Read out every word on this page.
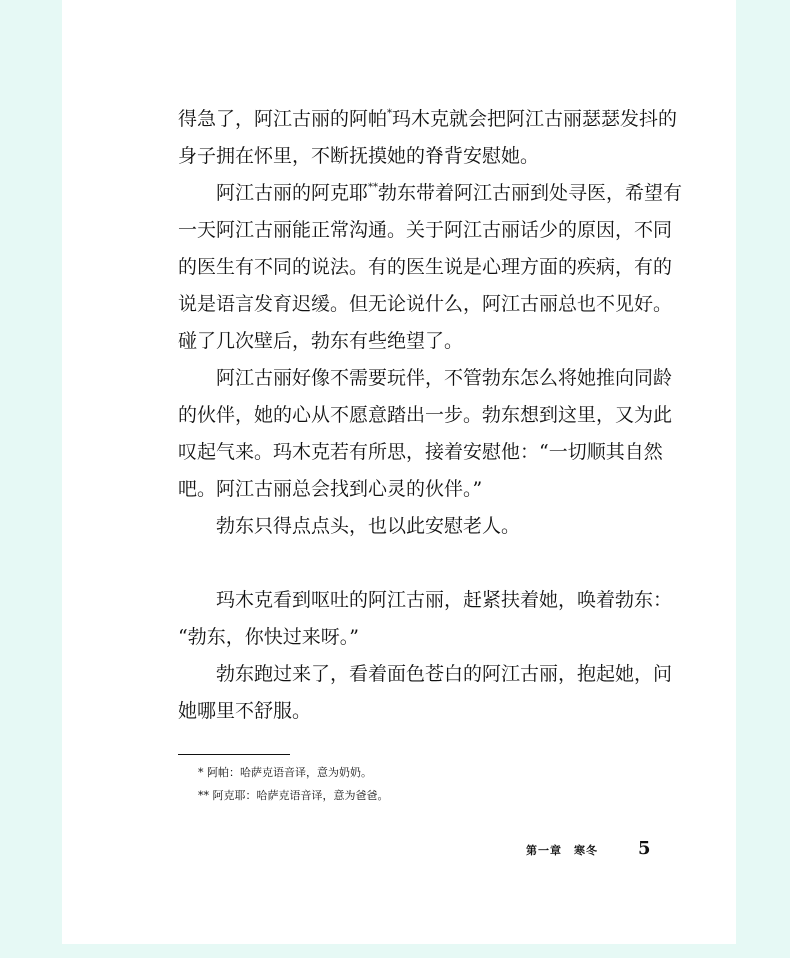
得急了，阿江古丽的阿帕*玛木克就会把阿江古丽瑟瑟发抖的
身子拥在怀里，不断抚摸她的脊背安慰她。
阿江古丽的阿克耶**勃东带着阿江古丽到处寻医，希望有
一天阿江古丽能正常沟通。关于阿江古丽话少的原因，不同
的医生有不同的说法。有的医生说是心理方面的疾病，有的
说是语言发育迟缓。但无论说什么，阿江古丽总也不见好。
碰了几次壁后，勃东有些绝望了。
阿江古丽好像不需要玩伴，不管勃东怎么将她推向同龄
的伙伴，她的心从不愿意踏出一步。勃东想到这里，又为此
叹起气来。玛木克若有所思，接着安慰他：“一切顺其自然
吧。阿江古丽总会找到心灵的伙伴。”
勃东只得点点头，也以此安慰老人。
玛木克看到呕吐的阿江古丽，赶紧扶着她，唤着勃东：
“勃东，你快过来呀。”
勃东跑过来了，看着面色苍白的阿江古丽，抱起她，问
她哪里不舒服。
* 阿帕：哈萨克语音译，意为奶奶。
** 阿克耶：哈萨克语音译，意为爸爸。
第一章 寒冬 5
